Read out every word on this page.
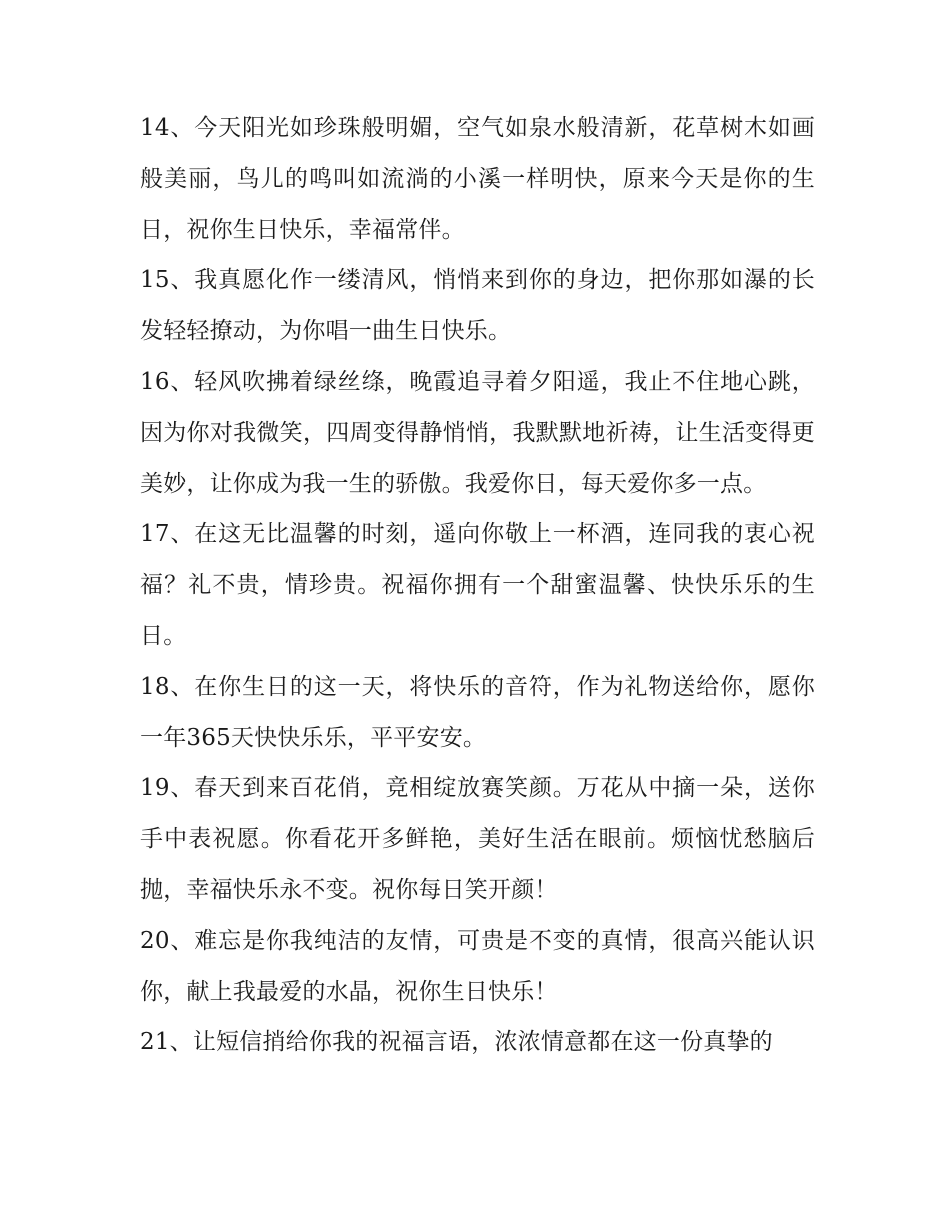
14、今天阳光如珍珠般明媚，空气如泉水般清新，花草树木如画般美丽，鸟儿的鸣叫如流淌的小溪一样明快，原来今天是你的生日，祝你生日快乐，幸福常伴。

15、我真愿化作一缕清风，悄悄来到你的身边，把你那如瀑的长发轻轻撩动，为你唱一曲生日快乐。

16、轻风吹拂着绿丝绦，晚霞追寻着夕阳遥，我止不住地心跳，因为你对我微笑，四周变得静悄悄，我默默地祈祷，让生活变得更美妙，让你成为我一生的骄傲。我爱你日，每天爱你多一点。

17、在这无比温馨的时刻，遥向你敬上一杯酒，连同我的衷心祝福？礼不贵，情珍贵。祝福你拥有一个甜蜜温馨、快快乐乐的生日。

18、在你生日的这一天，将快乐的音符，作为礼物送给你，愿你一年365天快快乐乐，平平安安。

19、春天到来百花俏，竞相绽放赛笑颜。万花从中摘一朵，送你手中表祝愿。你看花开多鲜艳，美好生活在眼前。烦恼忧愁脑后抛，幸福快乐永不变。祝你每日笑开颜！

20、难忘是你我纯洁的友情，可贵是不变的真情，很高兴能认识你，献上我最爱的水晶，祝你生日快乐！

21、让短信捎给你我的祝福言语，浓浓情意都在这一份真挚的
